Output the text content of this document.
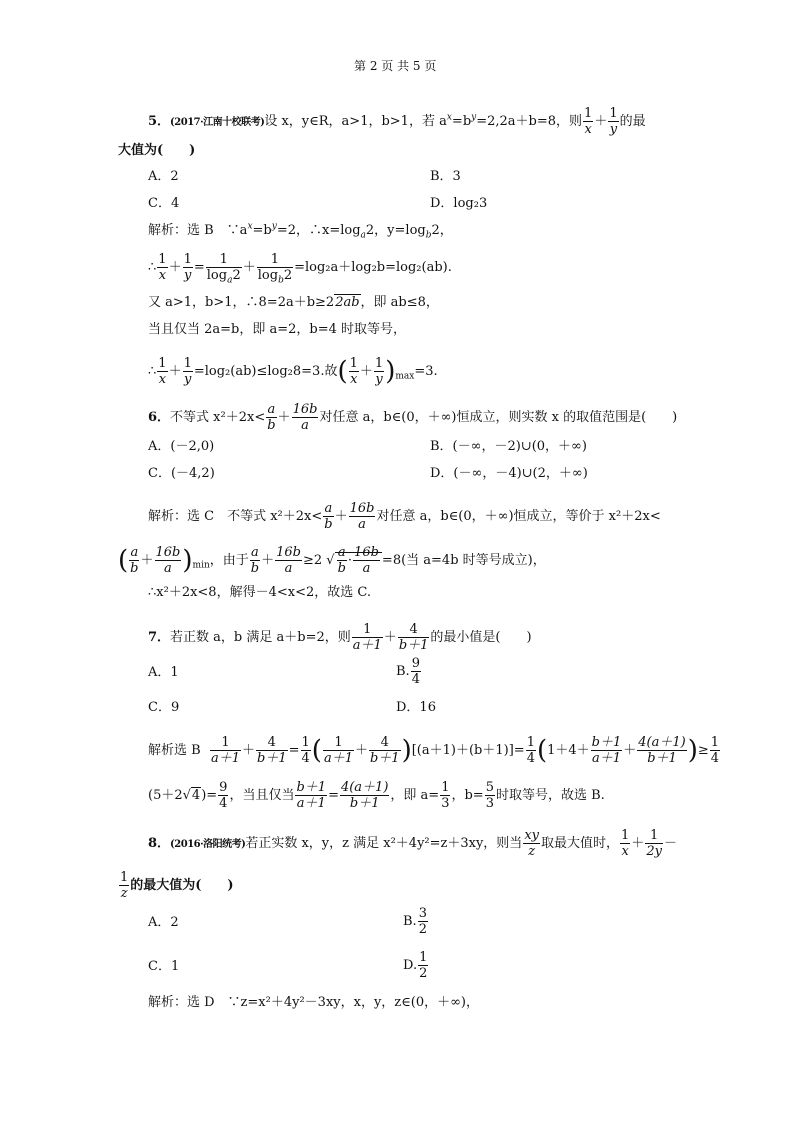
第 2 页 共 5 页
5．(2017·江南十校联考)设 x，y∈R，a>1，b>1，若 $a^x=b^y=2,2a+b=8$，则 $\frac{1}{x} + \frac{1}{y}$ 的最
大值为(　　)
A．2	B．3
C．4	D．log₂3
解析：选 B　$\because a^x=b^y=2$，$\therefore x=\log_a2$，$y=\log_b2$，
∴ $\frac{1}{x} + \frac{1}{y} = \frac{1}{\log_a2} + \frac{1}{\log_b2} =\log_2a+\log_2b=\log_2(ab)$.
又 a>1，b>1，∴8=2a＋b≥22ab，即 ab≤8，
当且仅当 2a=b，即 a=2，b=4 时取等号，
∴ $\frac{1}{x} + \frac{1}{y} =\log_2(ab)\le\log_28=3$.故( $\frac{1}{x} + \frac{1}{y} )_{max}=3$.
6．不等式 $x^2+2x< \frac{a}{b} + \frac{16b}{a}$ 对任意 a，b∈(0，＋∞)恒成立，则实数 x 的取值范围是(　　)
A．(－2,0)	B．(－∞，－2)∪(0，＋∞)
C．(－4,2)	D．(－∞，－4)∪(2，＋∞)
解析：选 C　不等式 $x^2+2x< \frac{a}{b} + \frac{16b}{a}$ 对任意 a，b∈(0，＋∞)恒成立，等价于 x²＋2x<
( $\frac{a}{b} + \frac{16b}{a} )_{min}$，由于 $\frac{a}{b} + \frac{16b}{a} \ge 2$ √ $\frac{a}{b} \cdot \frac{16b}{a} =8$(当 a=4b 时等号成立)，
∴x²＋2x<8，解得－4<x<2，故选 C.
7．若正数 a，b 满足 a＋b=2，则 $\frac{1}{a+1} + \frac{4}{b+1}$ 的最小值是(　　)
A．1	B. $\frac{9}{4}$
C．9	D．16
解析选 B $\frac{1}{a+1} + \frac{4}{b+1} = \frac{1}{4}$ ( $\frac{1}{a+1} + \frac{4}{b+1} )[(a+1)+(b+1)]= \frac{1}{4} (1+4+ \frac{b+1}{a+1} + \frac{4(a+1)}{b+1}$ )≥ $\frac{1}{4}$
$(5+2√4)= \frac{9}{4}$ ，当且仅当 $\frac{b+1}{a+1} = \frac{4(a+1)}{b+1}$ ，即 $a= \frac{1}{3}$ ，$b= \frac{5}{3}$ 时取等号，故选 B.
8．(2016·洛阳统考)若正实数 x，y，z 满足 x²＋4y²=z＋3xy，则当 $\frac{xy}{z}$ 取最大值时， $\frac{1}{x} + \frac{1}{2y}$ －
$\frac{1}{z}$ 的最大值为(　　)
A．2	B. $\frac{3}{2}$
C．1	D. $\frac{1}{2}$
解析：选 D　∵z=x²＋4y²－3xy，x，y，z∈(0，＋∞)，
